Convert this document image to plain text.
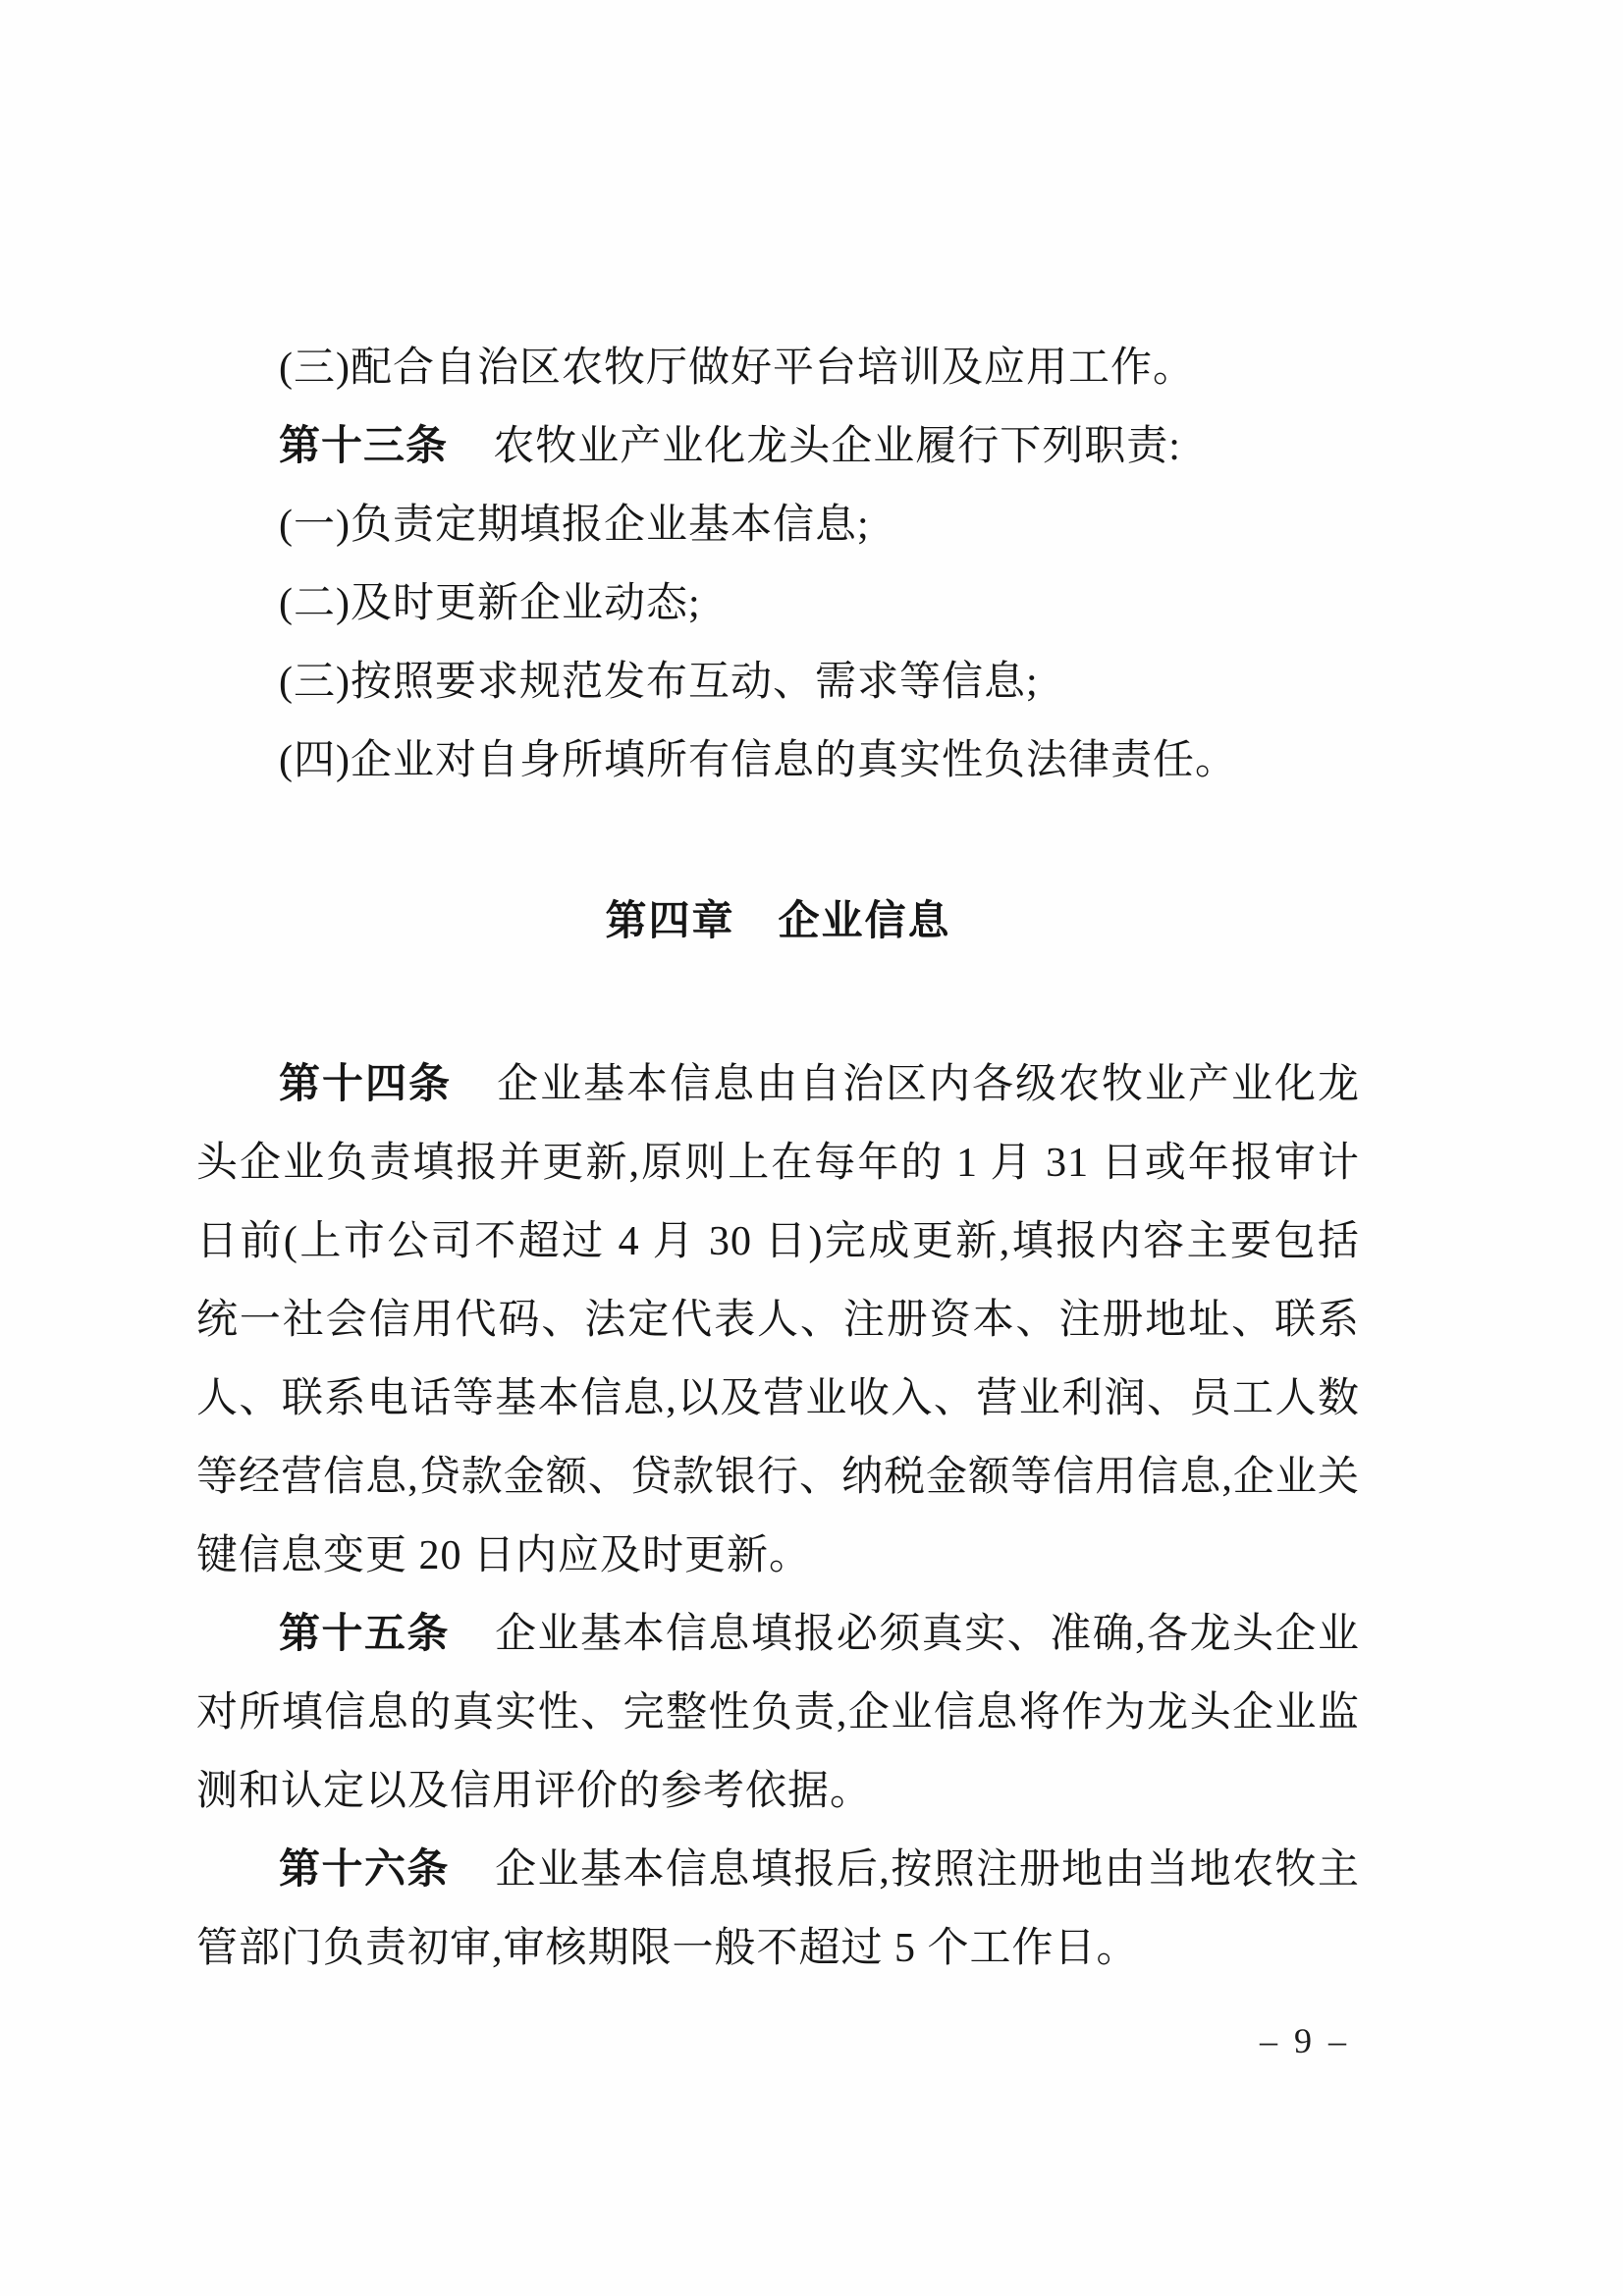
(三)配合自治区农牧厅做好平台培训及应用工作。

第十三条 农牧业产业化龙头企业履行下列职责:

(一)负责定期填报企业基本信息;

(二)及时更新企业动态;

(三)按照要求规范发布互动、需求等信息;

(四)企业对自身所填所有信息的真实性负法律责任。

第四章　企业信息

第十四条 企业基本信息由自治区内各级农牧业产业化龙头企业负责填报并更新,原则上在每年的 1 月 31 日或年报审计日前(上市公司不超过 4 月 30 日)完成更新,填报内容主要包括统一社会信用代码、法定代表人、注册资本、注册地址、联系人、联系电话等基本信息,以及营业收入、营业利润、员工人数等经营信息,贷款金额、贷款银行、纳税金额等信用信息,企业关键信息变更 20 日内应及时更新。

第十五条 企业基本信息填报必须真实、准确,各龙头企业对所填信息的真实性、完整性负责,企业信息将作为龙头企业监测和认定以及信用评价的参考依据。

第十六条 企业基本信息填报后,按照注册地由当地农牧主管部门负责初审,审核期限一般不超过 5 个工作日。

– 9 –
